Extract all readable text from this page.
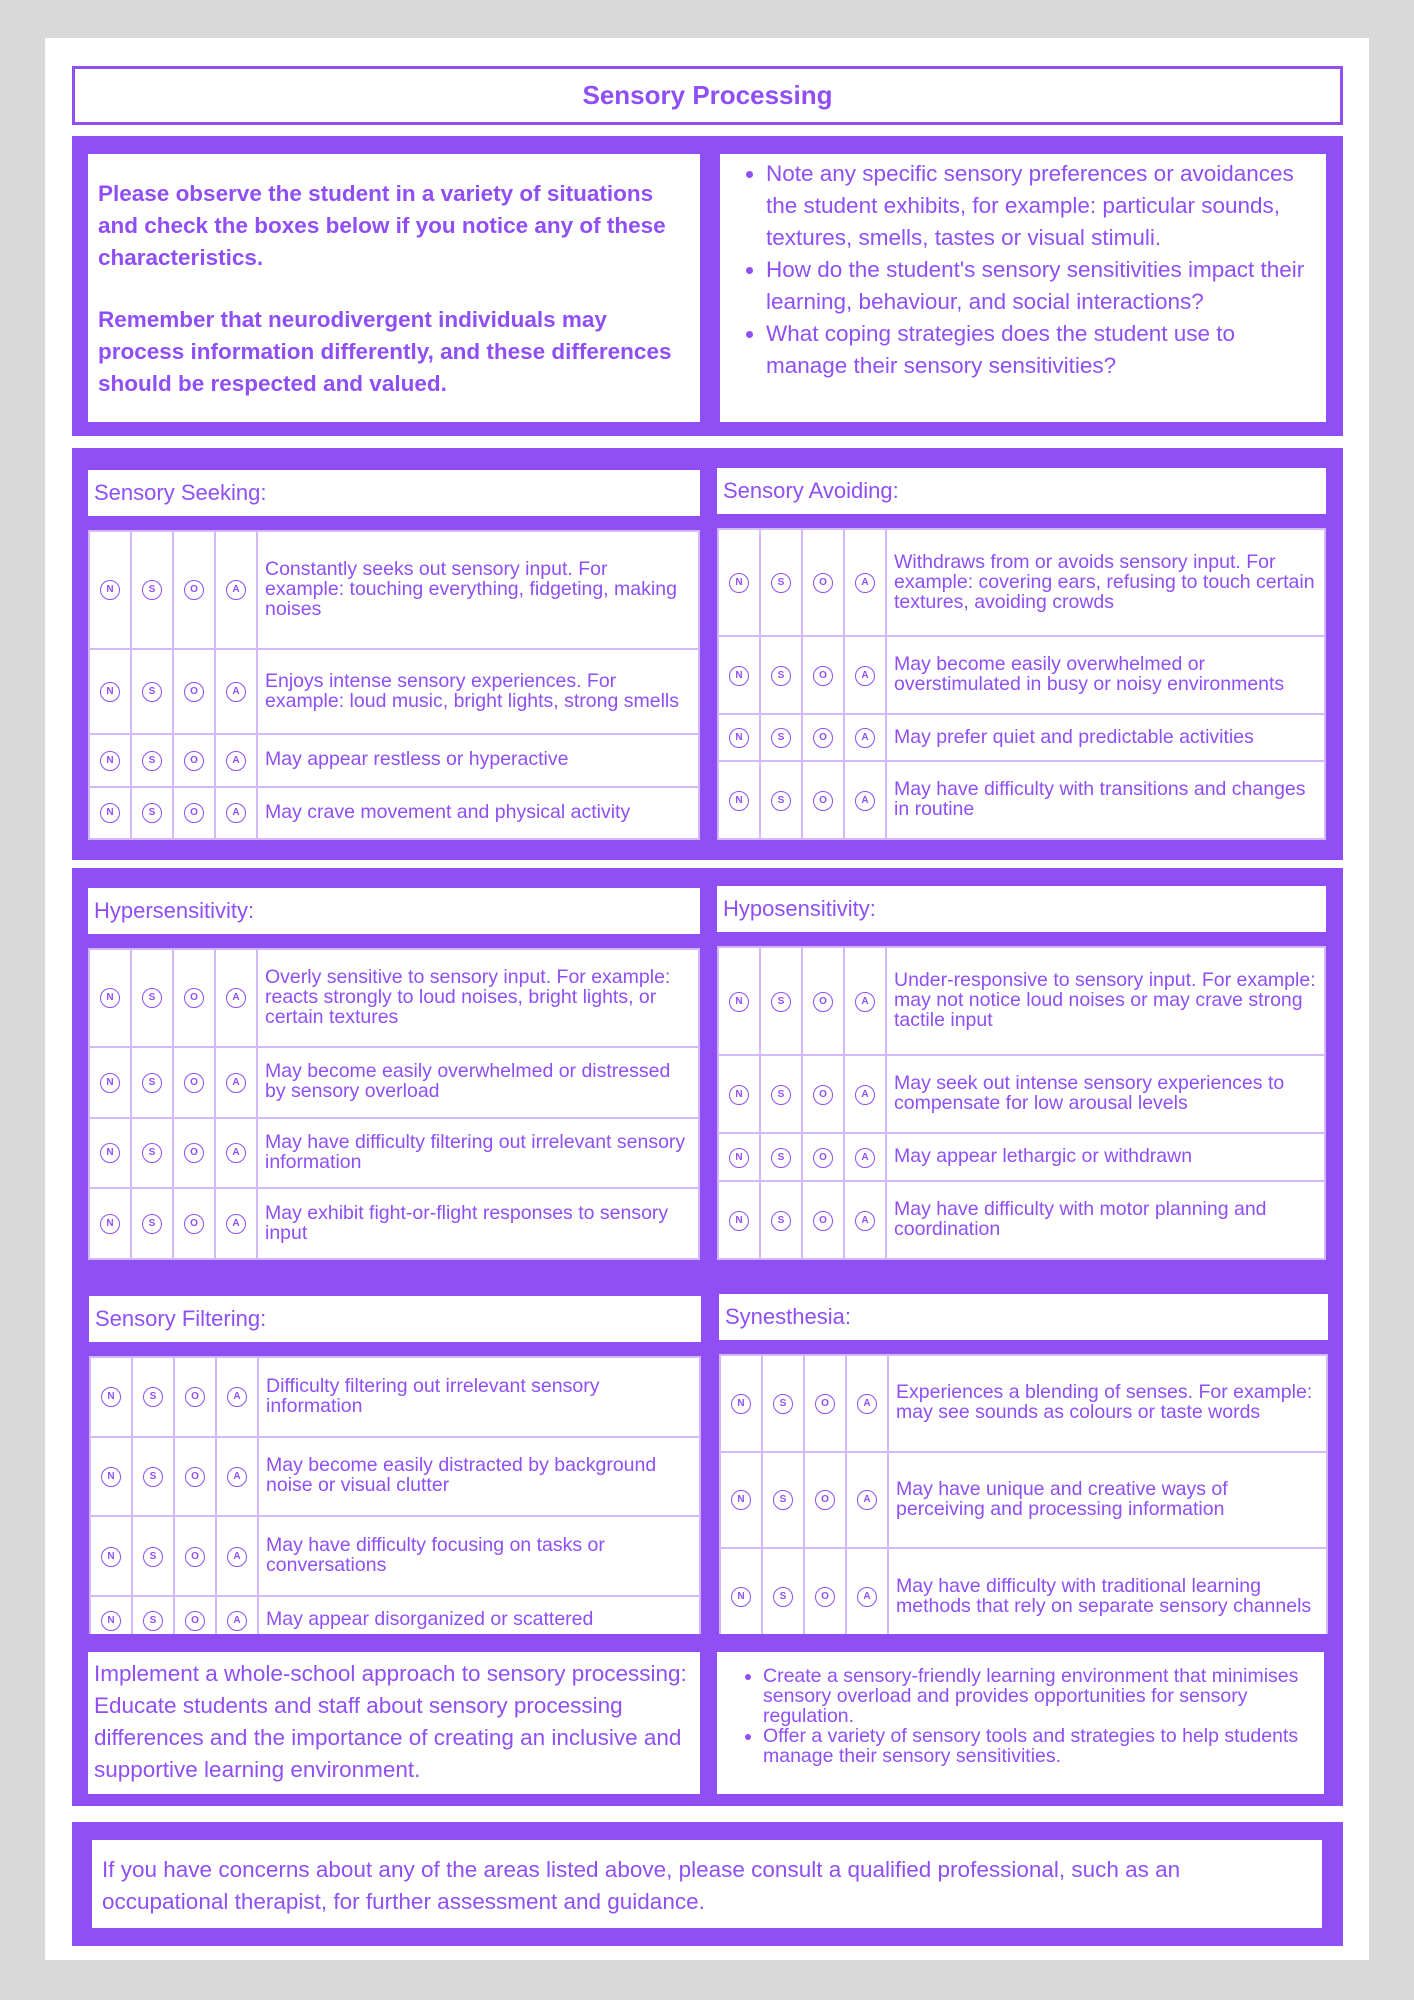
Sensory Processing

Please observe the student in a variety of situations and check the boxes below if you notice any of these characteristics.

Remember that neurodivergent individuals may process information differently, and these differences should be respected and valued.

• Note any specific sensory preferences or avoidances the student exhibits, for example: particular sounds, textures, smells, tastes or visual stimuli.
• How do the student's sensory sensitivities impact their learning, behaviour, and social interactions?
• What coping strategies does the student use to manage their sensory sensitivities?
Sensory Seeking:	Sensory Avoiding:
N	S	O	A	Constantly seeks out sensory input. For example: touching everything, fidgeting, making noises
N	S	O	A	Enjoys intense sensory experiences. For example: loud music, bright lights, strong smells
N	S	O	A	May appear restless or hyperactive
N	S	O	A	May crave movement and physical activity
N	S	O	A	Withdraws from or avoids sensory input. For example: covering ears, refusing to touch certain textures, avoiding crowds
N	S	O	A	May become easily overwhelmed or overstimulated in busy or noisy environments
N	S	O	A	May prefer quiet and predictable activities
N	S	O	A	May have difficulty with transitions and changes in routine
Hypersensitivity:	Hyposensitivity:
N	S	O	A	Overly sensitive to sensory input. For example: reacts strongly to loud noises, bright lights, or certain textures
N	S	O	A	May become easily overwhelmed or distressed by sensory overload
N	S	O	A	May have difficulty filtering out irrelevant sensory information
N	S	O	A	May exhibit fight-or-flight responses to sensory input
N	S	O	A	Under-responsive to sensory input. For example: may not notice loud noises or may crave strong tactile input
N	S	O	A	May seek out intense sensory experiences to compensate for low arousal levels
N	S	O	A	May appear lethargic or withdrawn
N	S	O	A	May have difficulty with motor planning and coordination
Sensory Filtering:	Synesthesia:
N	S	O	A	Difficulty filtering out irrelevant sensory information
N	S	O	A	May become easily distracted by background noise or visual clutter
N	S	O	A	May have difficulty focusing on tasks or conversations
N	S	O	A	May appear disorganized or scattered
N	S	O	A	Experiences a blending of senses. For example: may see sounds as colours or taste words
N	S	O	A	May have unique and creative ways of perceiving and processing information
N	S	O	A	May have difficulty with traditional learning methods that rely on separate sensory channels
Implement a whole-school approach to sensory processing: Educate students and staff about sensory processing differences and the importance of creating an inclusive and supportive learning environment.
• Create a sensory-friendly learning environment that minimises sensory overload and provides opportunities for sensory regulation.
• Offer a variety of sensory tools and strategies to help students manage their sensory sensitivities.
If you have concerns about any of the areas listed above, please consult a qualified professional, such as an occupational therapist, for further assessment and guidance.
